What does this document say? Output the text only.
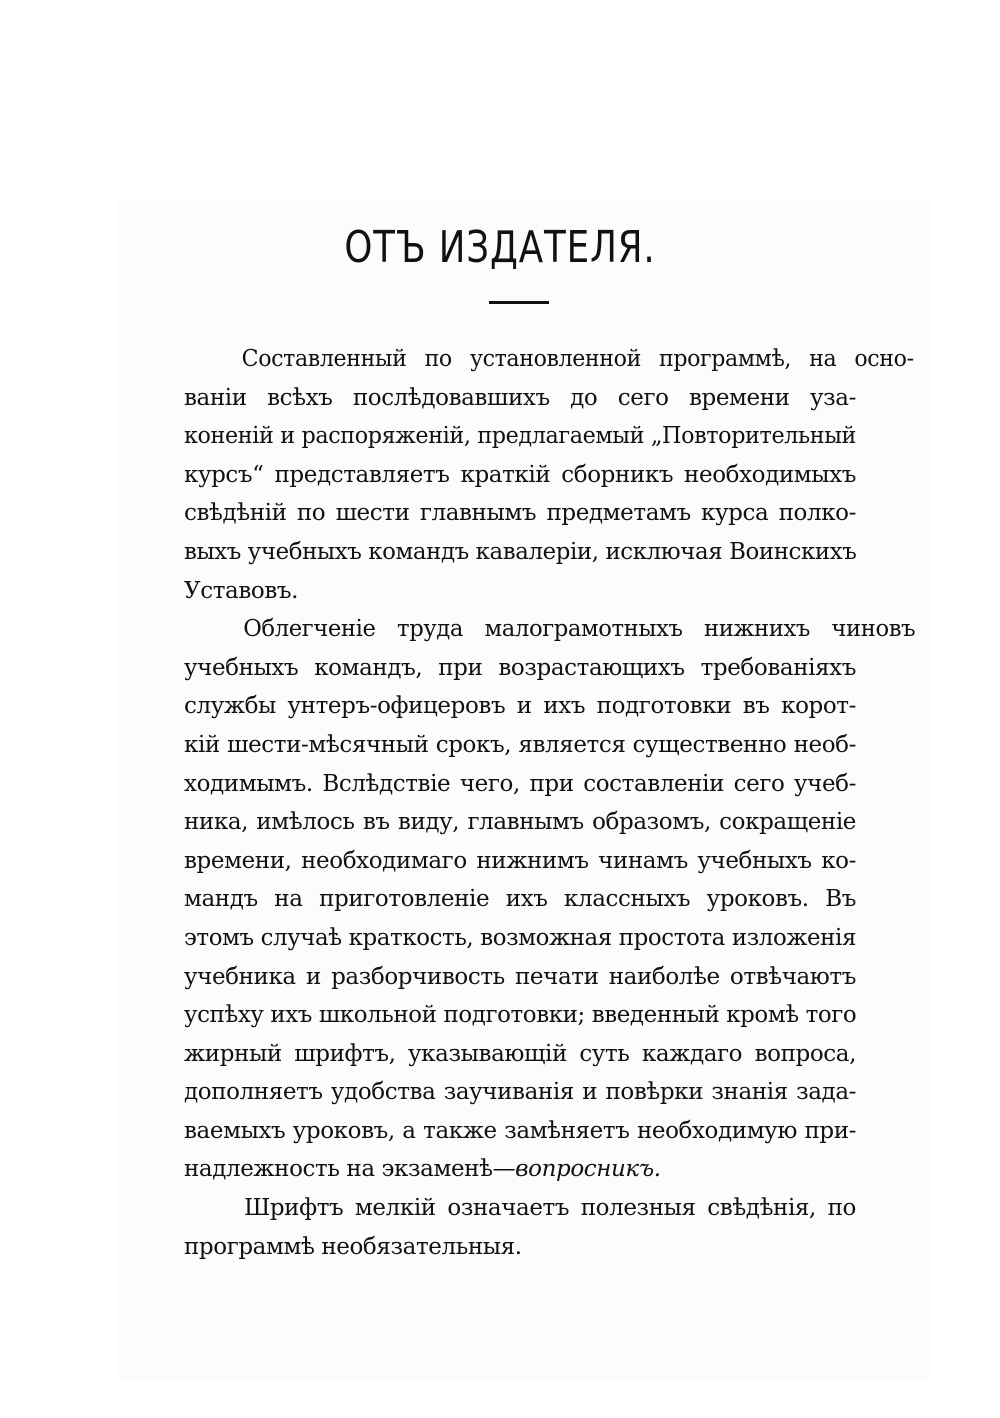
ОТЪ ИЗДАТЕЛЯ.
Составленный по установленной программѣ, на осно-
ваніи всѣхъ послѣдовавшихъ до сего времени уза-
коненій и распоряженій, предлагаемый „Повторительный
курсъ“ представляетъ краткій сборникъ необходимыхъ
свѣдѣній по шести главнымъ предметамъ курса полко-
выхъ учебныхъ командъ кавалеріи, исключая Воинскихъ
Уставовъ.
Облегченіе труда малограмотныхъ нижнихъ чиновъ
учебныхъ командъ, при возрастающихъ требованіяхъ
службы унтеръ-офицеровъ и ихъ подготовки въ корот-
кій шести-мѣсячный срокъ, является существенно необ-
ходимымъ. Вслѣдствіе чего, при составленіи сего учеб-
ника, имѣлось въ виду, главнымъ образомъ, сокращеніе
времени, необходимаго нижнимъ чинамъ учебныхъ ко-
мандъ на приготовленіе ихъ классныхъ уроковъ. Въ
этомъ случаѣ краткость, возможная простота изложенія
учебника и разборчивость печати наиболѣе отвѣчаютъ
успѣху ихъ школьной подготовки; введенный кромѣ того
жирный шрифтъ, указывающій суть каждаго вопроса,
дополняетъ удобства заучиванія и повѣрки знанія зада-
ваемыхъ уроковъ, а также замѣняетъ необходимую при-
надлежность на экзаменѣ—вопросникъ.
Шрифтъ мелкій означаетъ полезныя свѣдѣнія, по
программѣ необязательныя.
